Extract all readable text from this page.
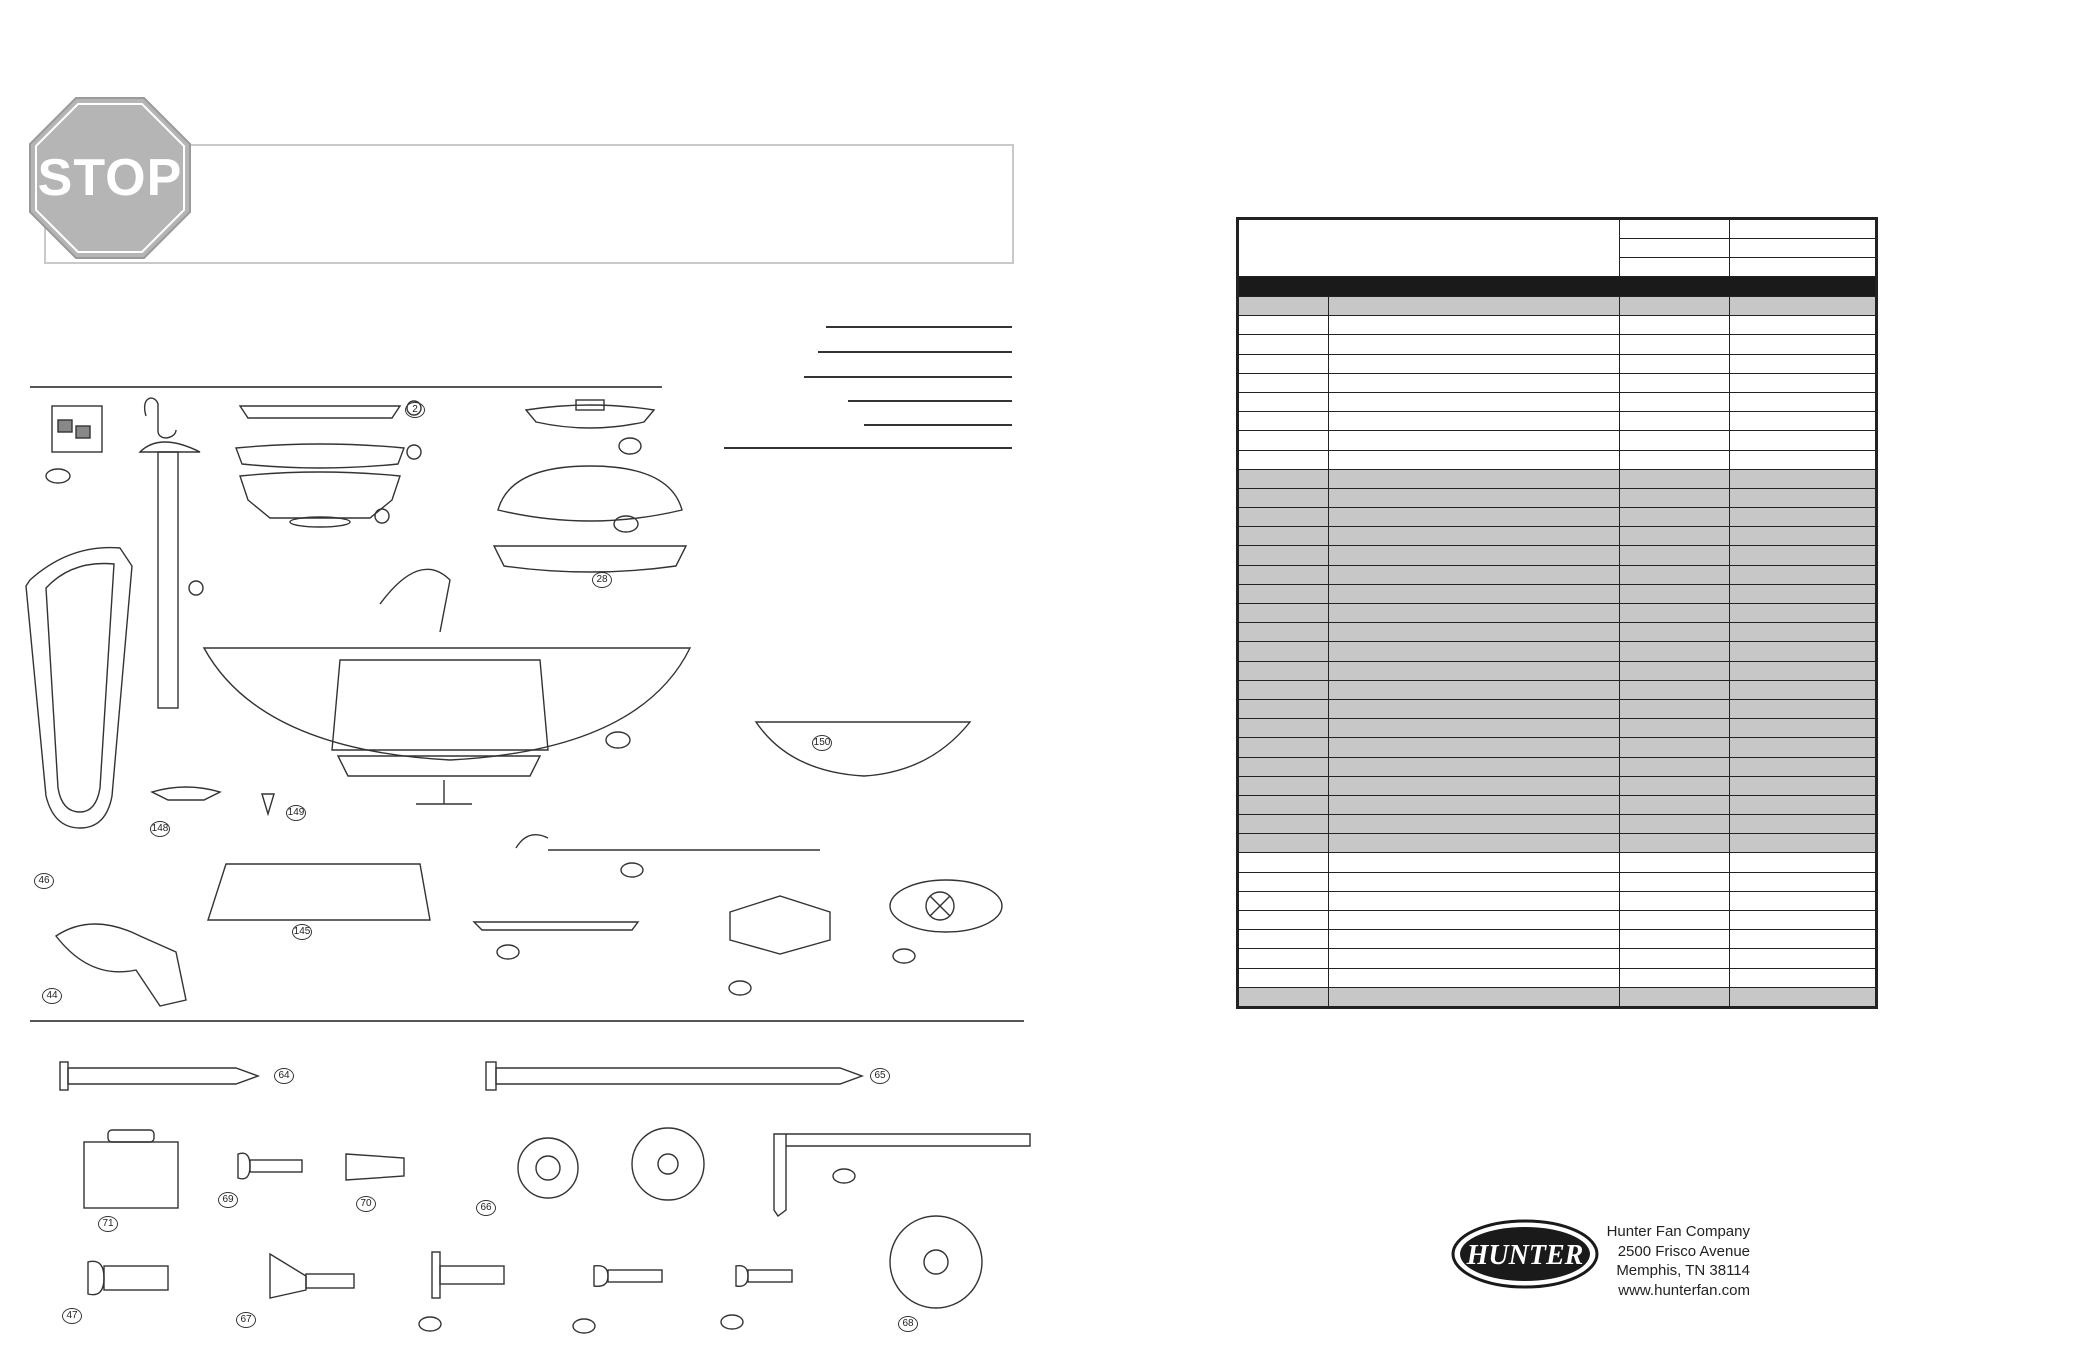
STOP
2
28
46
44
148
149
145
150
64	65
71
69	70	66
47	67	68

HUNTER
Hunter Fan Company
2500 Frisco Avenue
Memphis, TN 38114
www.hunterfan.com
